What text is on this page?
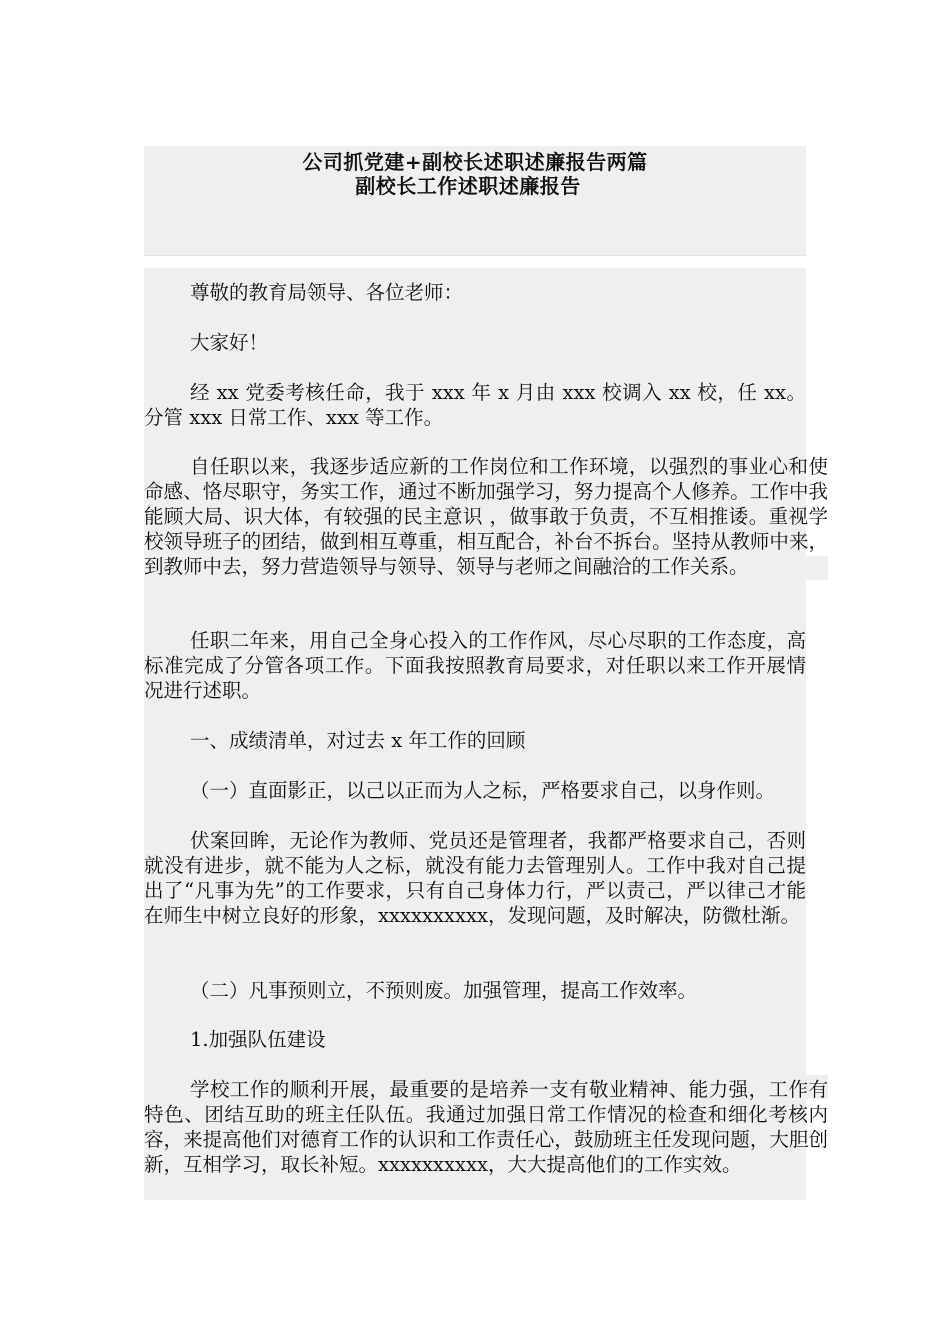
公司抓党建+副校长述职述廉报告两篇
副校长工作述职述廉报告

尊敬的教育局领导、各位老师：

大家好！

经 xx 党委考核任命，我于 xxx 年 x 月由 xxx 校调入 xx 校，任 xx。分管 xxx 日常工作、xxx 等工作。

自任职以来，我逐步适应新的工作岗位和工作环境，以强烈的事业心和使命感、恪尽职守，务实工作，通过不断加强学习，努力提高个人修养。工作中我能顾大局、识大体，有较强的民主意识 ，做事敢于负责，不互相推诿。重视学校领导班子的团结，做到相互尊重，相互配合，补台不拆台。坚持从教师中来，到教师中去，努力营造领导与领导、领导与老师之间融洽的工作关系。

任职二年来，用自己全身心投入的工作作风，尽心尽职的工作态度，高标准完成了分管各项工作。下面我按照教育局要求，对任职以来工作开展情况进行述职。

一、成绩清单，对过去 x 年工作的回顾

（一）直面影正，以己以正而为人之标，严格要求自己，以身作则。

伏案回眸，无论作为教师、党员还是管理者，我都严格要求自己，否则就没有进步，就不能为人之标，就没有能力去管理别人。工作中我对自己提出了“凡事为先”的工作要求，只有自己身体力行，严以责己，严以律己才能在师生中树立良好的形象，xxxxxxxxxx，发现问题，及时解决，防微杜渐。

（二）凡事预则立，不预则废。加强管理，提高工作效率。

1.加强队伍建设

学校工作的顺利开展，最重要的是培养一支有敬业精神、能力强，工作有特色、团结互助的班主任队伍。我通过加强日常工作情况的检查和细化考核内容，来提高他们对德育工作的认识和工作责任心，鼓励班主任发现问题，大胆创新，互相学习，取长补短。xxxxxxxxxx，大大提高他们的工作实效。
